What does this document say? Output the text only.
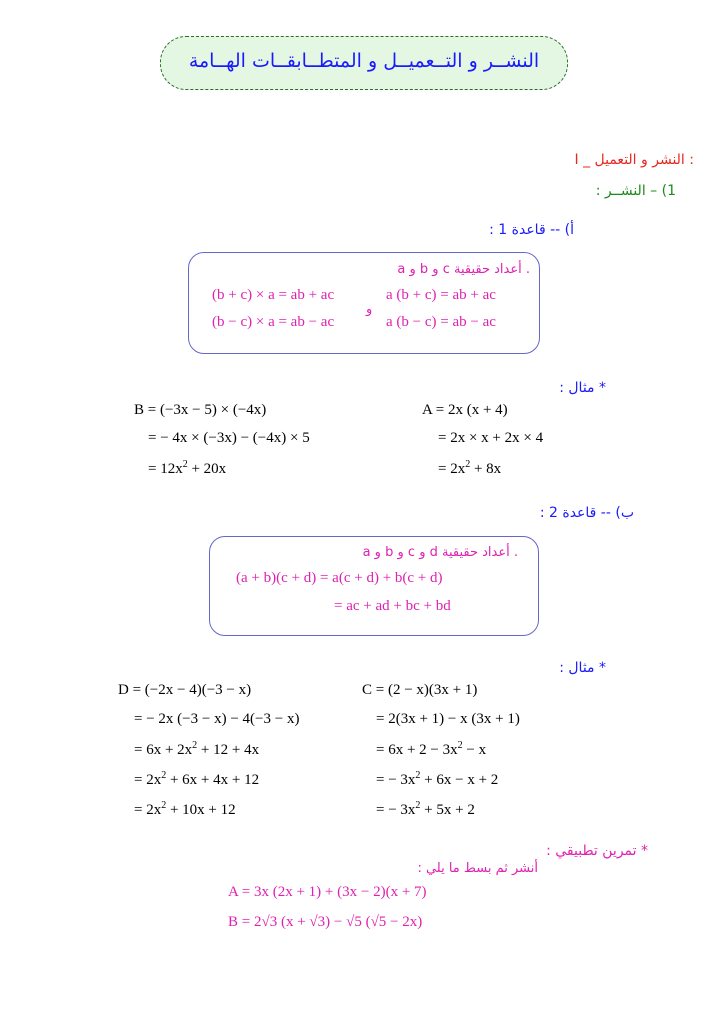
النشــر و التــعميــل و المتطــابقــات الهــامة
I _ النشر و التعميل :
1) – النشــر :
أ) -- قاعدة 1 :
a و b و c أعداد حقيقية .
(b + c) × a = ab + ac
(b − c) × a = ab − ac
و
a (b + c) = ab + ac
a (b − c) = ab − ac
* مثال :
A = 2x (x + 4)
= 2x × x + 2x × 4
= $2x^2 + 8x$
B = (−3x − 5) × (−4x)
= − 4x × (−3x) − (−4x) × 5
= $12x^2 + 20x$
ب) -- قاعدة 2 :
a و b و c و d أعداد حقيقية .
(a + b)(c + d) = a(c + d) + b(c + d)
= ac + ad + bc + bd
* مثال :
C = (2 − x)(3x + 1)
= 2(3x + 1) − x (3x + 1)
= $6x + 2 - 3x^2 - x$
= − $3x^2 + 6x - x + 2$
= − $3x^2 + 5x + 2$
D = (−2x − 4)(−3 − x)
= − 2x (−3 − x) − 4(−3 − x)
= $6x + 2x^2 + 12 + 4x$
= $2x^2 + 6x + 4x + 12$
= $2x^2 + 10x + 12$
* تمرين تطبيقي :
أنشر ثم بسط ما يلي :
A = 3x (2x + 1) + (3x − 2)(x + 7)
B = 2√3 (x + √3) − √5 (√5 − 2x)
